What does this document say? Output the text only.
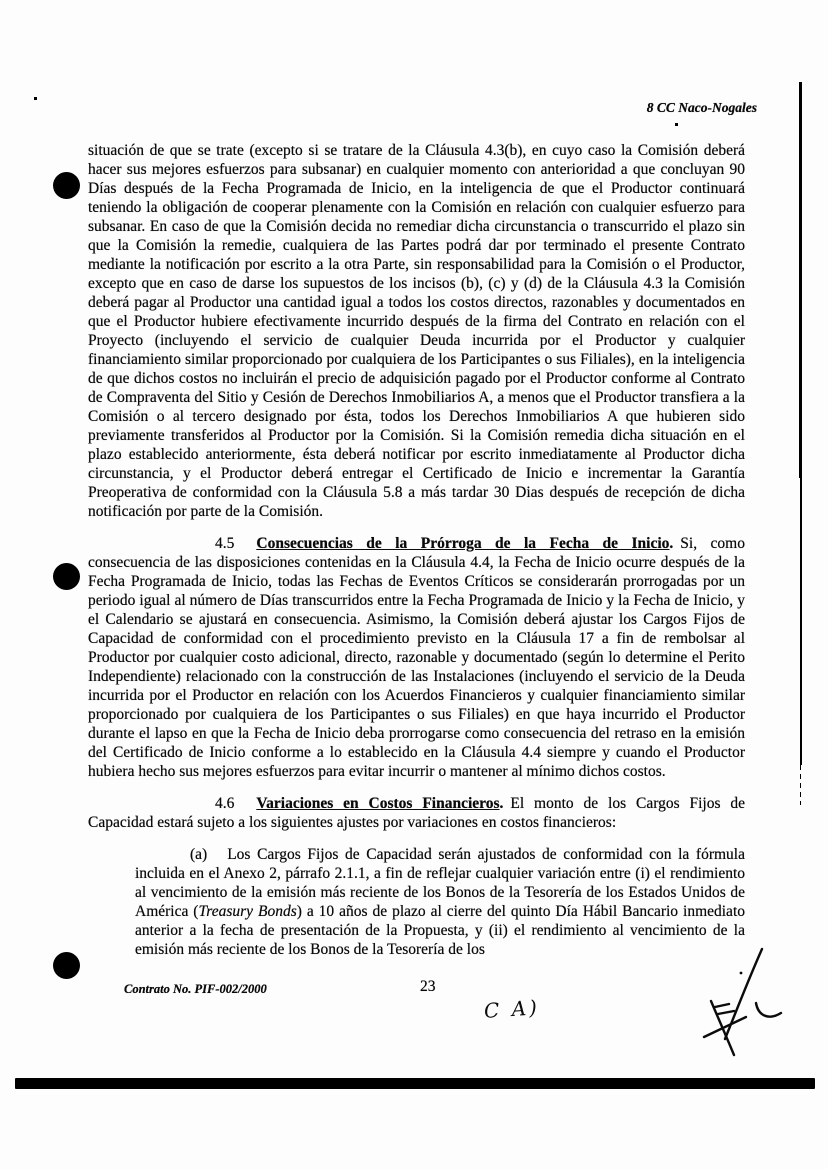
8 CC Naco-Nogales

situación de que se trate (excepto si se tratare de la Cláusula 4.3(b), en cuyo caso la Comisión deberá hacer sus mejores esfuerzos para subsanar) en cualquier momento con anterioridad a que concluyan 90 Días después de la Fecha Programada de Inicio, en la inteligencia de que el Productor continuará teniendo la obligación de cooperar plenamente con la Comisión en relación con cualquier esfuerzo para subsanar. En caso de que la Comisión decida no remediar dicha circunstancia o transcurrido el plazo sin que la Comisión la remedie, cualquiera de las Partes podrá dar por terminado el presente Contrato mediante la notificación por escrito a la otra Parte, sin responsabilidad para la Comisión o el Productor, excepto que en caso de darse los supuestos de los incisos (b), (c) y (d) de la Cláusula 4.3 la Comisión deberá pagar al Productor una cantidad igual a todos los costos directos, razonables y documentados en que el Productor hubiere efectivamente incurrido después de la firma del Contrato en relación con el Proyecto (incluyendo el servicio de cualquier Deuda incurrida por el Productor y cualquier financiamiento similar proporcionado por cualquiera de los Participantes o sus Filiales), en la inteligencia de que dichos costos no incluirán el precio de adquisición pagado por el Productor conforme al Contrato de Compraventa del Sitio y Cesión de Derechos Inmobiliarios A, a menos que el Productor transfiera a la Comisión o al tercero designado por ésta, todos los Derechos Inmobiliarios A que hubieren sido previamente transferidos al Productor por la Comisión. Si la Comisión remedia dicha situación en el plazo establecido anteriormente, ésta deberá notificar por escrito inmediatamente al Productor dicha circunstancia, y el Productor deberá entregar el Certificado de Inicio e incrementar la Garantía Preoperativa de conformidad con la Cláusula 5.8 a más tardar 30 Dias después de recepción de dicha notificación por parte de la Comisión.

4.5 Consecuencias de la Prórroga de la Fecha de Inicio. Si, como consecuencia de las disposiciones contenidas en la Cláusula 4.4, la Fecha de Inicio ocurre después de la Fecha Programada de Inicio, todas las Fechas de Eventos Críticos se considerarán prorrogadas por un periodo igual al número de Días transcurridos entre la Fecha Programada de Inicio y la Fecha de Inicio, y el Calendario se ajustará en consecuencia. Asimismo, la Comisión deberá ajustar los Cargos Fijos de Capacidad de conformidad con el procedimiento previsto en la Cláusula 17 a fin de rembolsar al Productor por cualquier costo adicional, directo, razonable y documentado (según lo determine el Perito Independiente) relacionado con la construcción de las Instalaciones (incluyendo el servicio de la Deuda incurrida por el Productor en relación con los Acuerdos Financieros y cualquier financiamiento similar proporcionado por cualquiera de los Participantes o sus Filiales) en que haya incurrido el Productor durante el lapso en que la Fecha de Inicio deba prorrogarse como consecuencia del retraso en la emisión del Certificado de Inicio conforme a lo establecido en la Cláusula 4.4 siempre y cuando el Productor hubiera hecho sus mejores esfuerzos para evitar incurrir o mantener al mínimo dichos costos.

4.6 Variaciones en Costos Financieros. El monto de los Cargos Fijos de Capacidad estará sujeto a los siguientes ajustes por variaciones en costos financieros:

(a) Los Cargos Fijos de Capacidad serán ajustados de conformidad con la fórmula incluida en el Anexo 2, párrafo 2.1.1, a fin de reflejar cualquier variación entre (i) el rendimiento al vencimiento de la emisión más reciente de los Bonos de la Tesorería de los Estados Unidos de América (Treasury Bonds) a 10 años de plazo al cierre del quinto Día Hábil Bancario inmediato anterior a la fecha de presentación de la Propuesta, y (ii) el rendimiento al vencimiento de la emisión más reciente de los Bonos de la Tesorería de los

Contrato No. PIF-002/2000	23
C A)
